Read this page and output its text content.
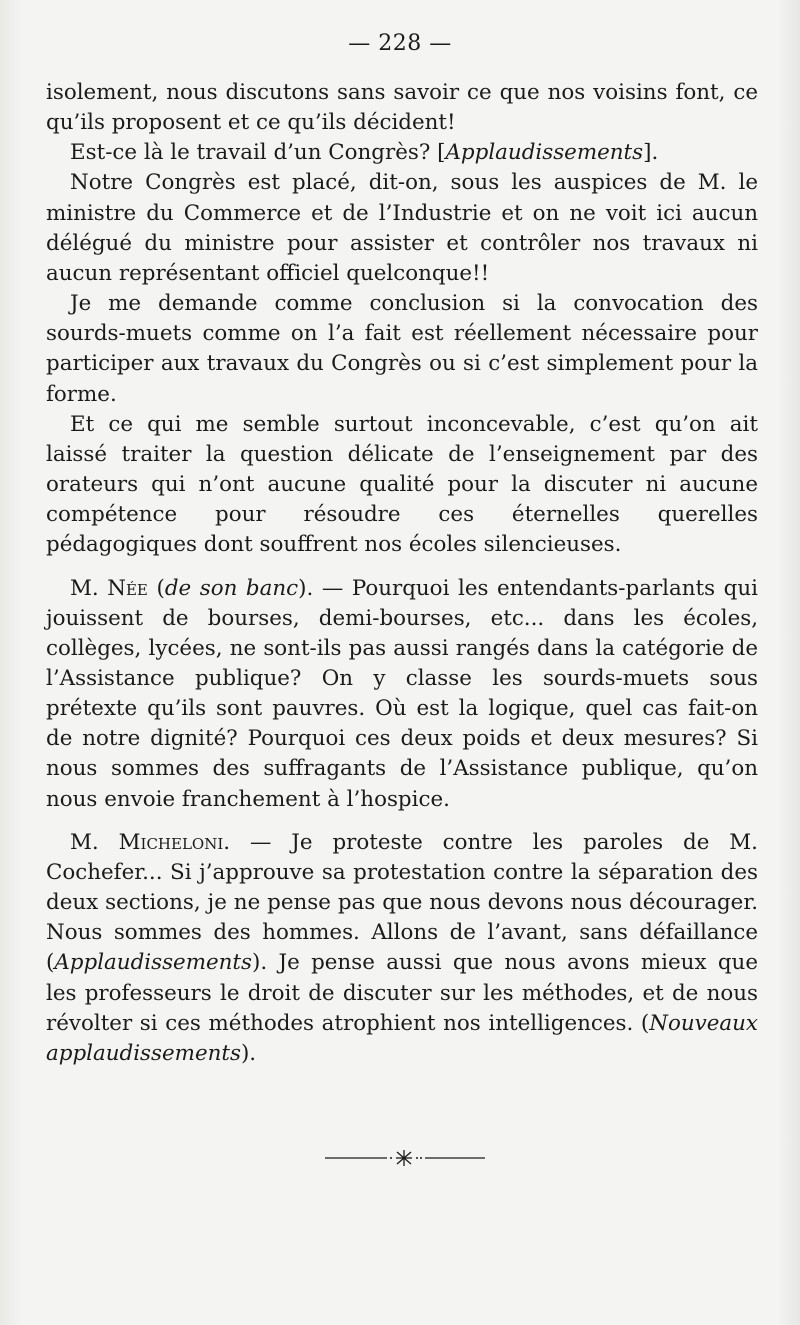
— 228 —

isolement, nous discutons sans savoir ce que nos voisins font, ce qu’ils proposent et ce qu’ils décident!

Est-ce là le travail d’un Congrès? [Applaudissements].

Notre Congrès est placé, dit-on, sous les auspices de M. le ministre du Commerce et de l’Industrie et on ne voit ici aucun délégué du ministre pour assister et contrôler nos travaux ni aucun représentant officiel quelconque!!

Je me demande comme conclusion si la convocation des sourds-muets comme on l’a fait est réellement nécessaire pour participer aux travaux du Congrès ou si c’est simplement pour la forme.

Et ce qui me semble surtout inconcevable, c’est qu’on ait laissé traiter la question délicate de l’enseignement par des orateurs qui n’ont aucune qualité pour la discuter ni aucune compétence pour résoudre ces éternelles querelles pédagogiques dont souffrent nos écoles silencieuses.

M. Née (de son banc). — Pourquoi les entendants-parlants qui jouissent de bourses, demi-bourses, etc... dans les écoles, collèges, lycées, ne sont-ils pas aussi rangés dans la catégorie de l’Assistance publique? On y classe les sourds-muets sous prétexte qu’ils sont pauvres. Où est la logique, quel cas fait-on de notre dignité? Pourquoi ces deux poids et deux mesures? Si nous sommes des suffragants de l’Assistance publique, qu’on nous envoie franchement à l’hospice.

M. Micheloni. — Je proteste contre les paroles de M. Cochefer... Si j’approuve sa protestation contre la séparation des deux sections, je ne pense pas que nous devons nous décourager. Nous sommes des hommes. Allons de l’avant, sans défaillance (Applaudissements). Je pense aussi que nous avons mieux que les professeurs le droit de discuter sur les méthodes, et de nous révolter si ces méthodes atrophient nos intelligences. (Nouveaux applaudissements).
